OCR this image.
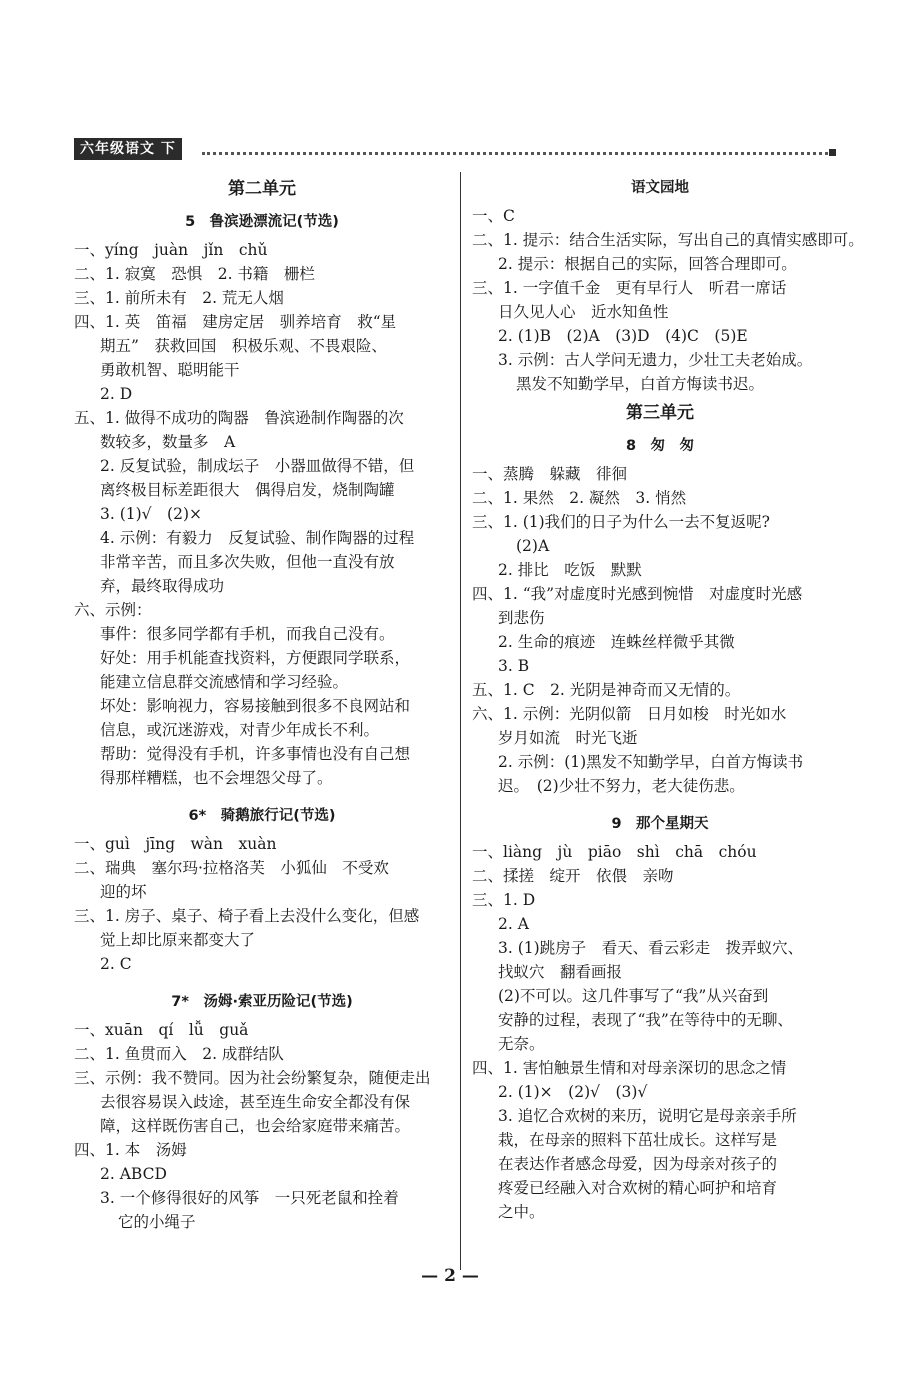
六年级语文 下
第二单元
5　鲁滨逊漂流记(节选)
一、yíng　juàn　jǐn　chǔ
二、1. 寂寞　恐惧　2. 书籍　栅栏
三、1. 前所未有　2. 荒无人烟
四、1. 英　笛福　建房定居　驯养培育　救“星
期五”　获救回国　积极乐观、不畏艰险、
勇敢机智、聪明能干
2. D
五、1. 做得不成功的陶器　鲁滨逊制作陶器的次
数较多，数量多　A
2. 反复试验，制成坛子　小器皿做得不错，但
离终极目标差距很大　偶得启发，烧制陶罐
3. (1)√　(2)×
4. 示例：有毅力　反复试验、制作陶器的过程
非常辛苦，而且多次失败，但他一直没有放
弃，最终取得成功
六、示例：
事件：很多同学都有手机，而我自己没有。
好处：用手机能查找资料，方便跟同学联系，
能建立信息群交流感情和学习经验。
坏处：影响视力，容易接触到很多不良网站和
信息，或沉迷游戏，对青少年成长不利。
帮助：觉得没有手机，许多事情也没有自己想
得那样糟糕，也不会埋怨父母了。
6*　骑鹅旅行记(节选)
一、guì　jīng　wàn　xuàn
二、瑞典　塞尔玛·拉格洛芙　小狐仙　不受欢
迎的坏
三、1. 房子、桌子、椅子看上去没什么变化，但感
觉上却比原来都变大了
2. C
7*　汤姆·索亚历险记(节选)
一、xuān　qí　lǚ　guǎ
二、1. 鱼贯而入　2. 成群结队
三、示例：我不赞同。因为社会纷繁复杂，随便走出
去很容易误入歧途，甚至连生命安全都没有保
障，这样既伤害自己，也会给家庭带来痛苦。
四、1. 本　汤姆
2. ABCD
3. 一个修得很好的风筝　一只死老鼠和拴着
它的小绳子
语文园地
一、C
二、1. 提示：结合生活实际，写出自己的真情实感即可。
2. 提示：根据自己的实际，回答合理即可。
三、1. 一字值千金　更有早行人　听君一席话
日久见人心　近水知鱼性
2. (1)B　(2)A　(3)D　(4)C　(5)E
3. 示例：古人学问无遗力，少壮工夫老始成。
黑发不知勤学早，白首方悔读书迟。
第三单元
8　匆　匆
一、蒸腾　躲藏　徘徊
二、1. 果然　2. 凝然　3. 悄然
三、1. (1)我们的日子为什么一去不复返呢?
(2)A
2. 排比　吃饭　默默
四、1. “我”对虚度时光感到惋惜　对虚度时光感
到悲伤
2. 生命的痕迹　连蛛丝样微乎其微
3. B
五、1. C　2. 光阴是神奇而又无情的。
六、1. 示例：光阴似箭　日月如梭　时光如水
岁月如流　时光飞逝
2. 示例：(1)黑发不知勤学早，白首方悔读书
迟。　(2)少壮不努力，老大徒伤悲。
9　那个星期天
一、liàng　jù　piāo　shì　chā　chóu
二、揉搓　绽开　依偎　亲吻
三、1. D
2. A
3. (1)跳房子　看天、看云彩走　拨弄蚁穴、
找蚁穴　翻看画报
(2)不可以。这几件事写了“我”从兴奋到
安静的过程，表现了“我”在等待中的无聊、
无奈。
四、1. 害怕触景生情和对母亲深切的思念之情
2. (1)×　(2)√　(3)√
3. 追忆合欢树的来历，说明它是母亲亲手所
栽，在母亲的照料下茁壮成长。这样写是
在表达作者感念母爱，因为母亲对孩子的
疼爱已经融入对合欢树的精心呵护和培育
之中。
— 2 —
